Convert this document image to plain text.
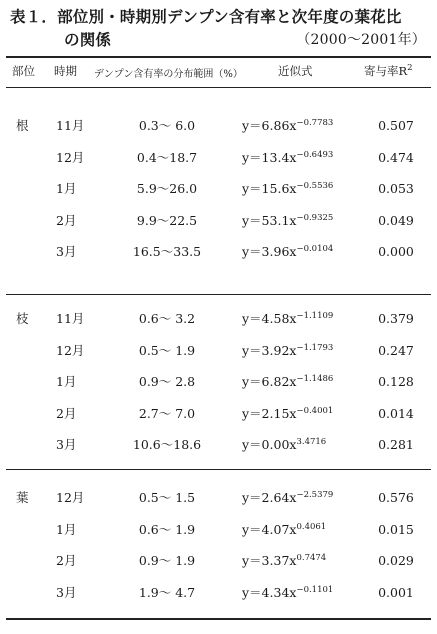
表１．部位別・時期別デンプン含有率と次年度の葉花比
の関係	（2000～2001年）
部位 時期 デンプン含有率の分布範囲（%）	近似式	寄与率$R^2$
根 11月	0.3～ 6.0	$y=6.86x^{-0.7783}$	0.507
12月	0.4～18.7	$y=13.4x^{-0.6493}$	0.474
1月	5.9～26.0	$y=15.6x^{-0.5536}$	0.053
2月	9.9～22.5	$y=53.1x^{-0.9325}$	0.049
3月	16.5～33.5	$y=3.96x^{-0.0104}$	0.000
枝 11月	0.6～ 3.2	$y=4.58x^{-1.1109}$	0.379
12月	0.5～ 1.9	$y=3.92x^{-1.1793}$	0.247
1月	0.9～ 2.8	$y=6.82x^{-1.1486}$	0.128
2月	2.7～ 7.0	$y=2.15x^{-0.4001}$	0.014
3月	10.6～18.6	$y=0.00x^{3.4716}$	0.281
葉 12月	0.5～ 1.5	$y=2.64x^{-2.5379}$	0.576
1月	0.6～ 1.9	$y=4.07x^{0.4061}$	0.015
2月	0.9～ 1.9	$y=3.37x^{0.7474}$	0.029
3月	1.9～ 4.7	$y=4.34x^{-0.1101}$	0.001
